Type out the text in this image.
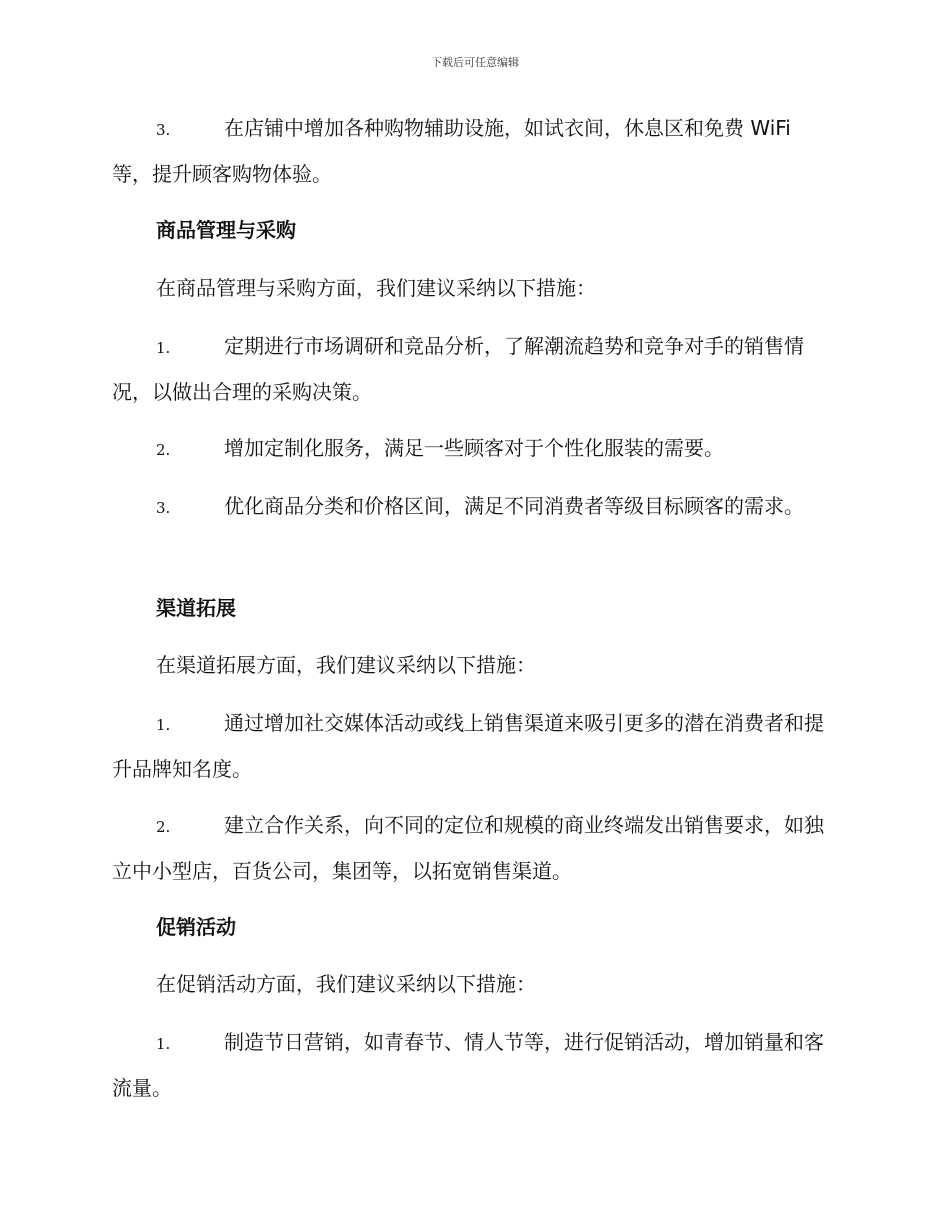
下载后可任意编辑
3.	在店铺中增加各种购物辅助设施，如试衣间，休息区和免费 WiFi 等，提升顾客购物体验。
商品管理与采购
在商品管理与采购方面，我们建议采纳以下措施：
1.	定期进行市场调研和竞品分析，了解潮流趋势和竞争对手的销售情况，以做出合理的采购决策。
2.	增加定制化服务，满足一些顾客对于个性化服装的需要。
3.	优化商品分类和价格区间，满足不同消费者等级目标顾客的需求。
渠道拓展
在渠道拓展方面，我们建议采纳以下措施：
1.	通过增加社交媒体活动或线上销售渠道来吸引更多的潜在消费者和提升品牌知名度。
2.	建立合作关系，向不同的定位和规模的商业终端发出销售要求，如独立中小型店，百货公司，集团等，以拓宽销售渠道。
促销活动
在促销活动方面，我们建议采纳以下措施：
1.	制造节日营销，如青春节、情人节等，进行促销活动，增加销量和客流量。
